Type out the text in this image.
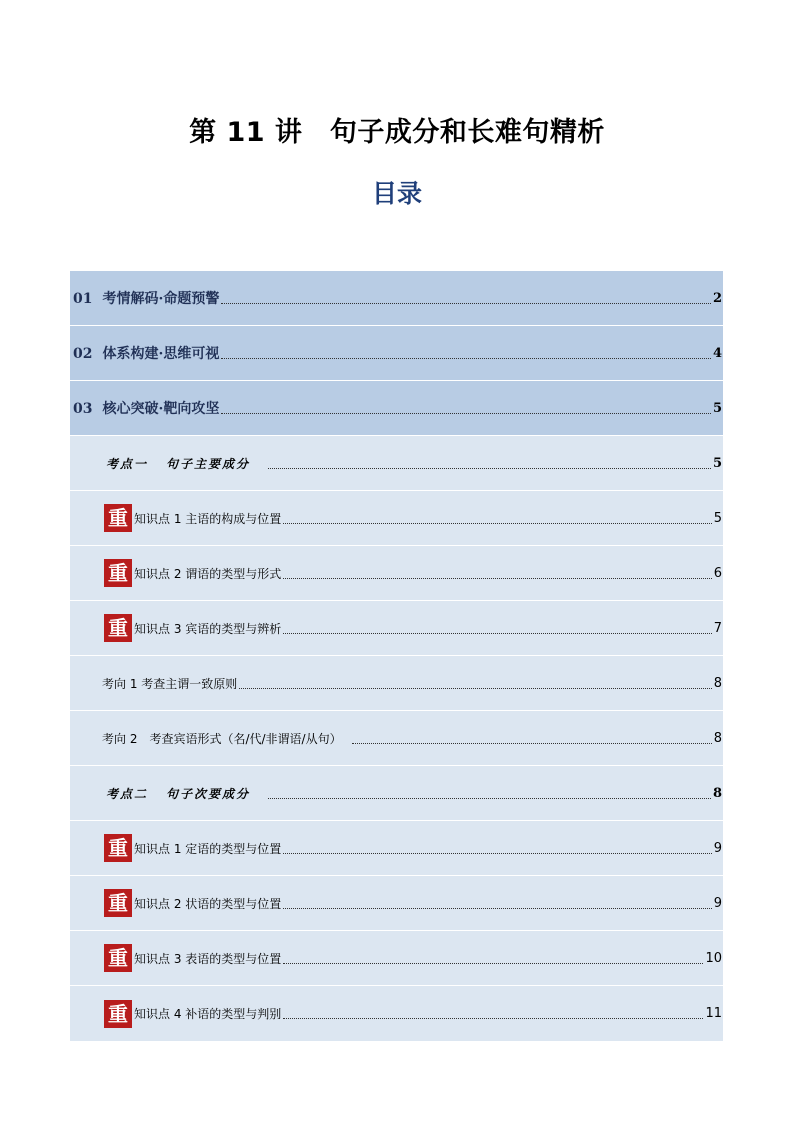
第 11 讲　句子成分和长难句精析
目录
01 考情解码·命题预警	2
02 体系构建·思维可视	4
03 核心突破·靶向攻坚	5
考点一 句子主要成分	5
重 知识点 1 主语的构成与位置	5
重 知识点 2 谓语的类型与形式	6
重 知识点 3 宾语的类型与辨析	7
考向 1 考查主谓一致原则	8
考向 2　考查宾语形式（名/代/非谓语/从句）	8
考点二 句子次要成分	8
重 知识点 1 定语的类型与位置	9
重 知识点 2 状语的类型与位置	9
重 知识点 3 表语的类型与位置	10
重 知识点 4 补语的类型与判别	11
